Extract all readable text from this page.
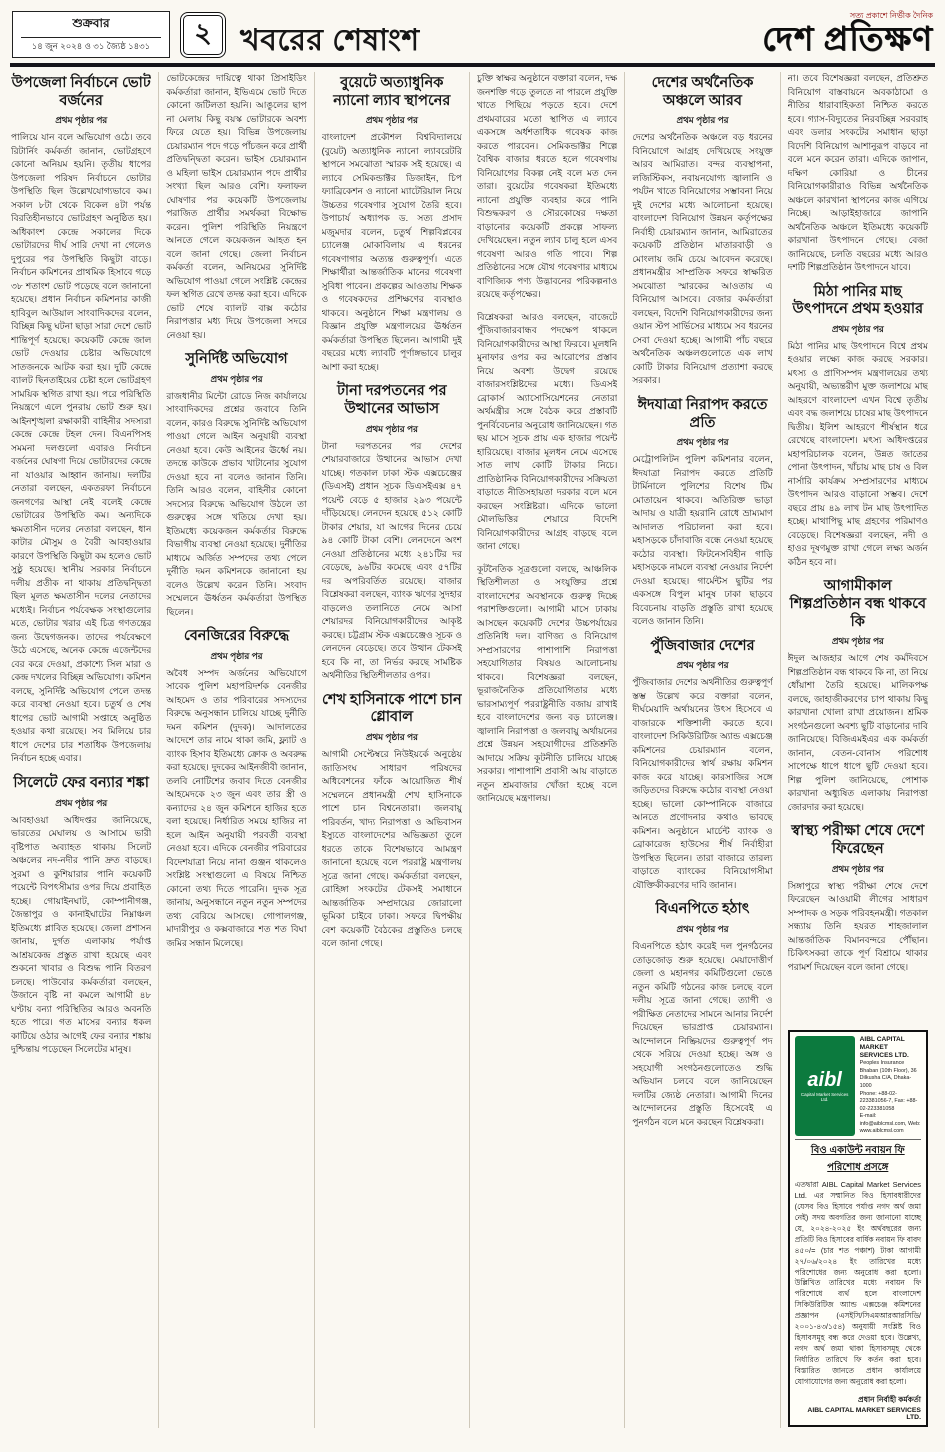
শুক্রবার
১৪ জুন ২০২৪ ও ৩১ জ্যৈষ্ঠ ১৪৩১	২ খবরের শেষাংশ
সত্য প্রকাশে নির্ভীক দৈনিক
দেশ প্রতিক্ষণ
উপজেলা নির্বাচনে ভোট বর্জনের
প্রথম পৃষ্ঠার পর

পালিয়ে যান বলে অভিযোগ ওঠে। তবে রিটার্নিং কর্মকর্তা জানান, ভোটগ্রহণে কোনো অনিয়ম হয়নি। তৃতীয় ধাপের উপজেলা পরিষদ নির্বাচনে ভোটার উপস্থিতি ছিল উল্লেখযোগ্যভাবে কম। সকাল ৮টা থেকে বিকেল ৪টা পর্যন্ত বিরতিহীনভাবে ভোটগ্রহণ অনুষ্ঠিত হয়। অধিকাংশ কেন্দ্রে সকালের দিকে ভোটারদের দীর্ঘ সারি দেখা না গেলেও দুপুরের পর উপস্থিতি কিছুটা বাড়ে। নির্বাচন কমিশনের প্রাথমিক হিসাবে গড়ে ৩৮ শতাংশ ভোট পড়েছে বলে জানানো হয়েছে। প্রধান নির্বাচন কমিশনার কাজী হাবিবুল আউয়াল সাংবাদিকদের বলেন, বিচ্ছিন্ন কিছু ঘটনা ছাড়া সারা দেশে ভোট শান্তিপূর্ণ হয়েছে। কয়েকটি কেন্দ্রে জাল ভোট দেওয়ার চেষ্টার অভিযোগে সাতজনকে আটক করা হয়। দুটি কেন্দ্রে ব্যালট ছিনতাইয়ের চেষ্টা হলে ভোটগ্রহণ সাময়িক স্থগিত রাখা হয়। পরে পরিস্থিতি নিয়ন্ত্রণে এলে পুনরায় ভোট শুরু হয়। আইনশৃঙ্খলা রক্ষাকারী বাহিনীর সদস্যরা কেন্দ্রে কেন্দ্রে টহল দেন। বিএনপিসহ সমমনা দলগুলো এবারও নির্বাচন বর্জনের ঘোষণা দিয়ে ভোটারদের কেন্দ্রে না যাওয়ার আহ্বান জানায়। দলটির নেতারা বলছেন, একতরফা নির্বাচনে জনগণের আস্থা নেই বলেই কেন্দ্রে ভোটারের উপস্থিতি কম। অন্যদিকে ক্ষমতাসীন দলের নেতারা বলছেন, ধান কাটার মৌসুম ও বৈরী আবহাওয়ার কারণে উপস্থিতি কিছুটা কম হলেও ভোট সুষ্ঠু হয়েছে। স্থানীয় সরকার নির্বাচনে দলীয় প্রতীক না থাকায় প্রতিদ্বন্দ্বিতা ছিল মূলত ক্ষমতাসীন দলের নেতাদের মধ্যেই। নির্বাচন পর্যবেক্ষক সংস্থাগুলোর মতে, ভোটার খরার এই চিত্র গণতন্ত্রের জন্য উদ্বেগজনক। তাদের পর্যবেক্ষণে উঠে এসেছে, অনেক কেন্দ্রে এজেন্টদের বের করে দেওয়া, প্রকাশ্যে সিল মারা ও কেন্দ্র দখলের বিচ্ছিন্ন অভিযোগ। কমিশন বলছে, সুনির্দিষ্ট অভিযোগ পেলে তদন্ত করে ব্যবস্থা নেওয়া হবে। চতুর্থ ও শেষ ধাপের ভোট আগামী সপ্তাহে অনুষ্ঠিত হওয়ার কথা রয়েছে। সব মিলিয়ে চার ধাপে দেশের চার শতাধিক উপজেলায় নির্বাচন হচ্ছে এবার।

সিলেটে ফের বন্যার শঙ্কা
প্রথম পৃষ্ঠার পর

আবহাওয়া অধিদপ্তর জানিয়েছে, ভারতের মেঘালয় ও আসামে ভারী বৃষ্টিপাত অব্যাহত থাকায় সিলেট অঞ্চলের নদ-নদীর পানি দ্রুত বাড়ছে। সুরমা ও কুশিয়ারার পানি কয়েকটি পয়েন্টে বিপৎসীমার ওপর দিয়ে প্রবাহিত হচ্ছে। গোয়াইনঘাট, কোম্পানীগঞ্জ, জৈন্তাপুর ও কানাইঘাটের নিম্নাঞ্চল ইতিমধ্যে প্লাবিত হয়েছে। জেলা প্রশাসন জানায়, দুর্গত এলাকায় পর্যাপ্ত আশ্রয়কেন্দ্র প্রস্তুত রাখা হয়েছে এবং শুকনো খাবার ও বিশুদ্ধ পানি বিতরণ চলছে। পাউবোর কর্মকর্তারা বলছেন, উজানে বৃষ্টি না কমলে আগামী ৪৮ ঘণ্টায় বন্যা পরিস্থিতির আরও অবনতি হতে পারে। গত মাসের বন্যার ধকল কাটিয়ে ওঠার আগেই ফের বন্যার শঙ্কায় দুশ্চিন্তায় পড়েছেন সিলেটের মানুষ।

ভোটকেন্দ্রের দায়িত্বে থাকা প্রিসাইডিং কর্মকর্তারা জানান, ইভিএমে ভোট দিতে কোনো জটিলতা হয়নি। আঙুলের ছাপ না মেলায় কিছু বয়স্ক ভোটারকে অবশ্য ফিরে যেতে হয়। বিভিন্ন উপজেলায় চেয়ারম্যান পদে গড়ে পাঁচজন করে প্রার্থী প্রতিদ্বন্দ্বিতা করেন। ভাইস চেয়ারম্যান ও মহিলা ভাইস চেয়ারম্যান পদে প্রার্থীর সংখ্যা ছিল আরও বেশি। ফলাফল ঘোষণার পর কয়েকটি উপজেলায় পরাজিত প্রার্থীর সমর্থকরা বিক্ষোভ করেন। পুলিশ পরিস্থিতি নিয়ন্ত্রণে আনতে গেলে কয়েকজন আহত হন বলে জানা গেছে। জেলা নির্বাচন কর্মকর্তা বলেন, অনিয়মের সুনির্দিষ্ট অভিযোগ পাওয়া গেলে সংশ্লিষ্ট কেন্দ্রের ফল স্থগিত রেখে তদন্ত করা হবে। এদিকে ভোট শেষে ব্যালট বাক্স কঠোর নিরাপত্তার মধ্য দিয়ে উপজেলা সদরে নেওয়া হয়।

সুনির্দিষ্ট অভিযোগ
প্রথম পৃষ্ঠার পর

রাজধানীর মিন্টো রোডে নিজ কার্যালয়ে সাংবাদিকদের প্রশ্নের জবাবে তিনি বলেন, কারও বিরুদ্ধে সুনির্দিষ্ট অভিযোগ পাওয়া গেলে আইন অনুযায়ী ব্যবস্থা নেওয়া হবে। কেউ আইনের ঊর্ধ্বে নয়। তদন্তে কাউকে প্রভাব খাটানোর সুযোগ দেওয়া হবে না বলেও জানান তিনি। তিনি আরও বলেন, বাহিনীর কোনো সদস্যের বিরুদ্ধে অভিযোগ উঠলে তা গুরুত্বের সঙ্গে খতিয়ে দেখা হয়। ইতিমধ্যে কয়েকজন কর্মকর্তার বিরুদ্ধে বিভাগীয় ব্যবস্থা নেওয়া হয়েছে। দুর্নীতির মাধ্যমে অর্জিত সম্পদের তথ্য পেলে দুর্নীতি দমন কমিশনকে জানানো হয় বলেও উল্লেখ করেন তিনি। সংবাদ সম্মেলনে ঊর্ধ্বতন কর্মকর্তারা উপস্থিত ছিলেন।

বেনজিরের বিরুদ্ধে
প্রথম পৃষ্ঠার পর

অবৈধ সম্পদ অর্জনের অভিযোগে সাবেক পুলিশ মহাপরিদর্শক বেনজীর আহমেদ ও তার পরিবারের সদস্যদের বিরুদ্ধে অনুসন্ধান চালিয়ে যাচ্ছে দুর্নীতি দমন কমিশন (দুদক)। আদালতের আদেশে তার নামে থাকা জমি, ফ্ল্যাট ও ব্যাংক হিসাব ইতিমধ্যে ক্রোক ও অবরুদ্ধ করা হয়েছে। দুদকের আইনজীবী জানান, তলবি নোটিশের জবাব দিতে বেনজীর আহমেদকে ২৩ জুন এবং তার স্ত্রী ও কন্যাদের ২৪ জুন কমিশনে হাজির হতে বলা হয়েছে। নির্ধারিত সময়ে হাজির না হলে আইন অনুযায়ী পরবর্তী ব্যবস্থা নেওয়া হবে। এদিকে বেনজীর পরিবারের বিদেশযাত্রা নিয়ে নানা গুঞ্জন থাকলেও সংশ্লিষ্ট সংস্থাগুলো এ বিষয়ে নিশ্চিত কোনো তথ্য দিতে পারেনি। দুদক সূত্র জানায়, অনুসন্ধানে নতুন নতুন সম্পদের তথ্য বেরিয়ে আসছে। গোপালগঞ্জ, মাদারীপুর ও কক্সবাজারে শত শত বিঘা জমির সন্ধান মিলেছে।

বুয়েটে অত্যাধুনিক ন্যানো ল্যাব স্থাপনের
প্রথম পৃষ্ঠার পর

বাংলাদেশ প্রকৌশল বিশ্ববিদ্যালয়ে (বুয়েট) অত্যাধুনিক ন্যানো ল্যাবরেটরি স্থাপনে সমঝোতা স্মারক সই হয়েছে। এ ল্যাবে সেমিকন্ডাক্টর ডিজাইন, চিপ ফ্যাব্রিকেশন ও ন্যানো ম্যাটেরিয়াল নিয়ে উচ্চতর গবেষণার সুযোগ তৈরি হবে। উপাচার্য অধ্যাপক ড. সত্য প্রসাদ মজুমদার বলেন, চতুর্থ শিল্পবিপ্লবের চ্যালেঞ্জ মোকাবিলায় এ ধরনের গবেষণাগার অত্যন্ত গুরুত্বপূর্ণ। এতে শিক্ষার্থীরা আন্তর্জাতিক মানের গবেষণা সুবিধা পাবেন। প্রকল্পের আওতায় শিক্ষক ও গবেষকদের প্রশিক্ষণের ব্যবস্থাও থাকবে। অনুষ্ঠানে শিক্ষা মন্ত্রণালয় ও বিজ্ঞান প্রযুক্তি মন্ত্রণালয়ের ঊর্ধ্বতন কর্মকর্তারা উপস্থিত ছিলেন। আগামী দুই বছরের মধ্যে ল্যাবটি পূর্ণাঙ্গভাবে চালুর আশা করা হচ্ছে।

টানা দরপতনের পর উত্থানের আভাস
প্রথম পৃষ্ঠার পর

টানা দরপতনের পর দেশের শেয়ারবাজারে উত্থানের আভাস দেখা যাচ্ছে। গতকাল ঢাকা স্টক এক্সচেঞ্জের (ডিএসই) প্রধান সূচক ডিএসইএক্স ৪৭ পয়েন্ট বেড়ে ৫ হাজার ২৯৩ পয়েন্টে দাঁড়িয়েছে। লেনদেন হয়েছে ৫১২ কোটি টাকার শেয়ার, যা আগের দিনের চেয়ে ৯৪ কোটি টাকা বেশি। লেনদেনে অংশ নেওয়া প্রতিষ্ঠানের মধ্যে ২৪১টির দর বেড়েছে, ৯৬টির কমেছে এবং ৫৭টির দর অপরিবর্তিত রয়েছে। বাজার বিশ্লেষকরা বলছেন, ব্যাংক ঋণের সুদহার বাড়লেও তলানিতে নেমে আসা শেয়ারদর বিনিয়োগকারীদের আকৃষ্ট করছে। চট্টগ্রাম স্টক এক্সচেঞ্জেও সূচক ও লেনদেন বেড়েছে। তবে উত্থান টেকসই হবে কি না, তা নির্ভর করছে সামষ্টিক অর্থনীতির স্থিতিশীলতার ওপর।

শেখ হাসিনাকে পাশে চান গ্লোবাল
প্রথম পৃষ্ঠার পর

আগামী সেপ্টেম্বরে নিউইয়র্কে অনুষ্ঠেয় জাতিসংঘ সাধারণ পরিষদের অধিবেশনের ফাঁকে আয়োজিত শীর্ষ সম্মেলনে প্রধানমন্ত্রী শেখ হাসিনাকে পাশে চান বিশ্বনেতারা। জলবায়ু পরিবর্তন, খাদ্য নিরাপত্তা ও অভিবাসন ইস্যুতে বাংলাদেশের অভিজ্ঞতা তুলে ধরতে তাকে বিশেষভাবে আমন্ত্রণ জানানো হয়েছে বলে পররাষ্ট্র মন্ত্রণালয় সূত্রে জানা গেছে। কর্মকর্তারা বলছেন, রোহিঙ্গা সংকটের টেকসই সমাধানে আন্তর্জাতিক সম্প্রদায়ের জোরালো ভূমিকা চাইবে ঢাকা। সফরে দ্বিপক্ষীয় বেশ কয়েকটি বৈঠকের প্রস্তুতিও চলছে বলে জানা গেছে।

চুক্তি স্বাক্ষর অনুষ্ঠানে বক্তারা বলেন, দক্ষ জনশক্তি গড়ে তুলতে না পারলে প্রযুক্তি খাতে পিছিয়ে পড়তে হবে। দেশে প্রথমবারের মতো স্থাপিত এ ল্যাবে একসঙ্গে অর্ধশতাধিক গবেষক কাজ করতে পারবেন। সেমিকন্ডাক্টর শিল্পে বৈশ্বিক বাজার ধরতে হলে গবেষণায় বিনিয়োগের বিকল্প নেই বলে মত দেন তারা। বুয়েটের গবেষকরা ইতিমধ্যে ন্যানো প্রযুক্তি ব্যবহার করে পানি বিশুদ্ধকরণ ও সৌরকোষের দক্ষতা বাড়ানোর কয়েকটি প্রকল্পে সাফল্য দেখিয়েছেন। নতুন ল্যাব চালু হলে এসব গবেষণা আরও গতি পাবে। শিল্প প্রতিষ্ঠানের সঙ্গে যৌথ গবেষণার মাধ্যমে বাণিজ্যিক পণ্য উদ্ভাবনের পরিকল্পনাও রয়েছে কর্তৃপক্ষের।

বিশ্লেষকরা আরও বলছেন, বাজেটে পুঁজিবাজারবান্ধব পদক্ষেপ থাকলে বিনিয়োগকারীদের আস্থা ফিরবে। মূলধনি মুনাফার ওপর কর আরোপের প্রস্তাব নিয়ে অবশ্য উদ্বেগ রয়েছে বাজারসংশ্লিষ্টদের মধ্যে। ডিএসই ব্রোকার্স অ্যাসোসিয়েশনের নেতারা অর্থমন্ত্রীর সঙ্গে বৈঠক করে প্রস্তাবটি পুনর্বিবেচনার অনুরোধ জানিয়েছেন। গত ছয় মাসে সূচক প্রায় এক হাজার পয়েন্ট হারিয়েছে। বাজার মূলধন নেমে এসেছে সাত লাখ কোটি টাকার নিচে। প্রাতিষ্ঠানিক বিনিয়োগকারীদের সক্রিয়তা বাড়াতে নীতিসহায়তা দরকার বলে মনে করছেন সংশ্লিষ্টরা। এদিকে ভালো মৌলভিত্তির শেয়ারে বিদেশি বিনিয়োগকারীদের আগ্রহ বাড়ছে বলে জানা গেছে।

কূটনৈতিক সূত্রগুলো বলছে, আঞ্চলিক স্থিতিশীলতা ও সংযুক্তির প্রশ্নে বাংলাদেশের অবস্থানকে গুরুত্ব দিচ্ছে পরাশক্তিগুলো। আগামী মাসে ঢাকায় আসছেন কয়েকটি দেশের উচ্চপর্যায়ের প্রতিনিধি দল। বাণিজ্য ও বিনিয়োগ সম্প্রসারণের পাশাপাশি নিরাপত্তা সহযোগিতার বিষয়ও আলোচনায় থাকবে। বিশেষজ্ঞরা বলছেন, ভূরাজনৈতিক প্রতিযোগিতার মধ্যে ভারসাম্যপূর্ণ পররাষ্ট্রনীতি বজায় রাখাই হবে বাংলাদেশের জন্য বড় চ্যালেঞ্জ। জ্বালানি নিরাপত্তা ও জলবায়ু অর্থায়নের প্রশ্নে উন্নয়ন সহযোগীদের প্রতিশ্রুতি আদায়ে সক্রিয় কূটনীতি চালিয়ে যাচ্ছে সরকার। পাশাপাশি প্রবাসী আয় বাড়াতে নতুন শ্রমবাজার খোঁজা হচ্ছে বলে জানিয়েছে মন্ত্রণালয়।

দেশের অর্থনৈতিক অঞ্চলে আরব
প্রথম পৃষ্ঠার পর

দেশের অর্থনৈতিক অঞ্চলে বড় ধরনের বিনিয়োগে আগ্রহ দেখিয়েছে সংযুক্ত আরব আমিরাত। বন্দর ব্যবস্থাপনা, লজিস্টিকস, নবায়নযোগ্য জ্বালানি ও পর্যটন খাতে বিনিয়োগের সম্ভাবনা নিয়ে দুই দেশের মধ্যে আলোচনা হয়েছে। বাংলাদেশ বিনিয়োগ উন্নয়ন কর্তৃপক্ষের নির্বাহী চেয়ারম্যান জানান, আমিরাতের কয়েকটি প্রতিষ্ঠান মাতারবাড়ী ও মোংলায় জমি চেয়ে আবেদন করেছে। প্রধানমন্ত্রীর সাম্প্রতিক সফরে স্বাক্ষরিত সমঝোতা স্মারকের আওতায় এ বিনিয়োগ আসবে। বেজার কর্মকর্তারা বলছেন, বিদেশি বিনিয়োগকারীদের জন্য ওয়ান স্টপ সার্ভিসের মাধ্যমে সব ধরনের সেবা দেওয়া হচ্ছে। আগামী পাঁচ বছরে অর্থনৈতিক অঞ্চলগুলোতে এক লাখ কোটি টাকার বিনিয়োগ প্রত্যাশা করছে সরকার।

ঈদযাত্রা নিরাপদ করতে প্রতি
প্রথম পৃষ্ঠার পর

মেট্রোপলিটন পুলিশ কমিশনার বলেন, ঈদযাত্রা নিরাপদ করতে প্রতিটি টার্মিনালে পুলিশের বিশেষ টিম মোতায়েন থাকবে। অতিরিক্ত ভাড়া আদায় ও যাত্রী হয়রানি রোধে ভ্রাম্যমাণ আদালত পরিচালনা করা হবে। মহাসড়কে চাঁদাবাজি বন্ধে নেওয়া হয়েছে কঠোর ব্যবস্থা। ফিটনেসবিহীন গাড়ি মহাসড়কে নামলে ব্যবস্থা নেওয়ার নির্দেশ দেওয়া হয়েছে। গার্মেন্টস ছুটির পর একসঙ্গে বিপুল মানুষ ঢাকা ছাড়বে বিবেচনায় বাড়তি প্রস্তুতি রাখা হয়েছে বলেও জানান তিনি।

পুঁজিবাজার দেশের
প্রথম পৃষ্ঠার পর

পুঁজিবাজার দেশের অর্থনীতির গুরুত্বপূর্ণ স্তম্ভ উল্লেখ করে বক্তারা বলেন, দীর্ঘমেয়াদি অর্থায়নের উৎস হিসেবে এ বাজারকে শক্তিশালী করতে হবে। বাংলাদেশ সিকিউরিটিজ অ্যান্ড এক্সচেঞ্জ কমিশনের চেয়ারম্যান বলেন, বিনিয়োগকারীদের স্বার্থ রক্ষায় কমিশন কাজ করে যাচ্ছে। কারসাজির সঙ্গে জড়িতদের বিরুদ্ধে কঠোর ব্যবস্থা নেওয়া হচ্ছে। ভালো কোম্পানিকে বাজারে আনতে প্রণোদনার কথাও ভাবছে কমিশন। অনুষ্ঠানে মার্চেন্ট ব্যাংক ও ব্রোকারেজ হাউসের শীর্ষ নির্বাহীরা উপস্থিত ছিলেন। তারা বাজারে তারল্য বাড়াতে ব্যাংকের বিনিয়োগসীমা যৌক্তিকীকরণের দাবি জানান।

বিএনপিতে হঠাৎ
প্রথম পৃষ্ঠার পর

বিএনপিতে হঠাৎ করেই দল পুনর্গঠনের তোড়জোড় শুরু হয়েছে। মেয়াদোত্তীর্ণ জেলা ও মহানগর কমিটিগুলো ভেঙে নতুন কমিটি গঠনের কাজ চলছে বলে দলীয় সূত্রে জানা গেছে। ত্যাগী ও পরীক্ষিত নেতাদের সামনে আনার নির্দেশ দিয়েছেন ভারপ্রাপ্ত চেয়ারম্যান। আন্দোলনে নিষ্ক্রিয়দের গুরুত্বপূর্ণ পদ থেকে সরিয়ে দেওয়া হচ্ছে। অঙ্গ ও সহযোগী সংগঠনগুলোতেও শুদ্ধি অভিযান চলবে বলে জানিয়েছেন দলটির জ্যেষ্ঠ নেতারা। আগামী দিনের আন্দোলনের প্রস্তুতি হিসেবেই এ পুনর্গঠন বলে মনে করছেন বিশ্লেষকরা।

না। তবে বিশেষজ্ঞরা বলছেন, প্রতিশ্রুত বিনিয়োগ বাস্তবায়নে অবকাঠামো ও নীতির ধারাবাহিকতা নিশ্চিত করতে হবে। গ্যাস-বিদ্যুতের নিরবচ্ছিন্ন সরবরাহ এবং ডলার সংকটের সমাধান ছাড়া বিদেশি বিনিয়োগ আশানুরূপ বাড়বে না বলে মনে করেন তারা। এদিকে জাপান, দক্ষিণ কোরিয়া ও চীনের বিনিয়োগকারীরাও বিভিন্ন অর্থনৈতিক অঞ্চলে কারখানা স্থাপনের কাজ এগিয়ে নিচ্ছে। আড়াইহাজারে জাপানি অর্থনৈতিক অঞ্চলে ইতিমধ্যে কয়েকটি কারখানা উৎপাদনে গেছে। বেজা জানিয়েছে, চলতি বছরের মধ্যে আরও দশটি শিল্পপ্রতিষ্ঠান উৎপাদনে যাবে।

মিঠা পানির মাছ উৎপাদনে প্রথম হওয়ার
প্রথম পৃষ্ঠার পর

মিঠা পানির মাছ উৎপাদনে বিশ্বে প্রথম হওয়ার লক্ষ্যে কাজ করছে সরকার। মৎস্য ও প্রাণিসম্পদ মন্ত্রণালয়ের তথ্য অনুযায়ী, অভ্যন্তরীণ মুক্ত জলাশয়ে মাছ আহরণে বাংলাদেশ এখন বিশ্বে তৃতীয় এবং বদ্ধ জলাশয়ে চাষের মাছ উৎপাদনে দ্বিতীয়। ইলিশ আহরণে শীর্ষস্থান ধরে রেখেছে বাংলাদেশ। মৎস্য অধিদপ্তরের মহাপরিচালক বলেন, উন্নত জাতের পোনা উৎপাদন, খাঁচায় মাছ চাষ ও বিল নার্সারি কার্যক্রম সম্প্রসারণের মাধ্যমে উৎপাদন আরও বাড়ানো সম্ভব। দেশে বছরে প্রায় ৪৯ লাখ টন মাছ উৎপাদিত হচ্ছে। মাথাপিছু মাছ গ্রহণের পরিমাণও বেড়েছে। বিশেষজ্ঞরা বলছেন, নদী ও হাওর দূষণমুক্ত রাখা গেলে লক্ষ্য অর্জন কঠিন হবে না।

আগামীকাল শিল্পপ্রতিষ্ঠান বন্ধ থাকবে কি
প্রথম পৃষ্ঠার পর

ঈদুল আজহার আগে শেষ কর্মদিবসে শিল্পপ্রতিষ্ঠান বন্ধ থাকবে কি না, তা নিয়ে ধোঁয়াশা তৈরি হয়েছে। মালিকপক্ষ বলছে, জাহাজীকরণের চাপ থাকায় কিছু কারখানা খোলা রাখা প্রয়োজন। শ্রমিক সংগঠনগুলো অবশ্য ছুটি বাড়ানোর দাবি জানিয়েছে। বিজিএমইএর এক কর্মকর্তা জানান, বেতন-বোনাস পরিশোধ সাপেক্ষে ধাপে ধাপে ছুটি দেওয়া হবে। শিল্প পুলিশ জানিয়েছে, পোশাক কারখানা অধ্যুষিত এলাকায় নিরাপত্তা জোরদার করা হয়েছে।

স্বাস্থ্য পরীক্ষা শেষে দেশে ফিরেছেন
প্রথম পৃষ্ঠার পর

সিঙ্গাপুরে স্বাস্থ্য পরীক্ষা শেষে দেশে ফিরেছেন আওয়ামী লীগের সাধারণ সম্পাদক ও সড়ক পরিবহনমন্ত্রী। গতকাল সন্ধ্যায় তিনি হযরত শাহজালাল আন্তর্জাতিক বিমানবন্দরে পৌঁছান। চিকিৎসকরা তাকে পূর্ণ বিশ্রামে থাকার পরামর্শ দিয়েছেন বলে জানা গেছে।

aibl
Capital Market Services Ltd.
AIBL CAPITAL MARKET SERVICES LTD.
Peoples Insurance Bhaban (10th Floor), 36 Dilkusha C/A, Dhaka-1000
Phone: +88-02-223381056-7, Fax: +88-02-223381058
E-mail: info@aiblcmsl.com, Web: www.aiblcmsl.com
বিও একাউন্ট নবায়ন ফি পরিশোধ প্রসঙ্গে

এতদ্বারা AIBL Capital Market Services Ltd. এর সম্মানিত বিও হিসাবধারীদের (যেসব বিও হিসাবে পর্যাপ্ত নগদ অর্থ জমা নেই) সদয় অবগতির জন্য জানানো যাচ্ছে যে, ২০২৪-২০২৫ ইং অর্থবছরের জন্য প্রতিটি বিও হিসাবের বার্ষিক নবায়ন ফি বাবদ ৪৫০/= (চার শত পঞ্চাশ) টাকা আগামী ২৭/০৬/২০২৪ ইং তারিখের মধ্যে পরিশোধের জন্য অনুরোধ করা হলো। উল্লিখিত তারিখের মধ্যে নবায়ন ফি পরিশোধে ব্যর্থ হলে বাংলাদেশ সিকিউরিটিজ অ্যান্ড এক্সচেঞ্জ কমিশনের প্রজ্ঞাপন (এসইসি/সিএমআরআরসিডি/২০০১-৪৩/১৫৪) অনুযায়ী সংশ্লিষ্ট বিও হিসাবসমূহ বন্ধ করে দেওয়া হবে। উল্লেখ্য, নগদ অর্থ জমা থাকা হিসাবসমূহ থেকে নির্ধারিত তারিখে ফি কর্তন করা হবে। বিস্তারিত জানতে প্রধান কার্যালয়ে যোগাযোগের জন্য অনুরোধ করা হলো।

প্রধান নির্বাহী কর্মকর্তা
AIBL CAPITAL MARKET SERVICES LTD.
